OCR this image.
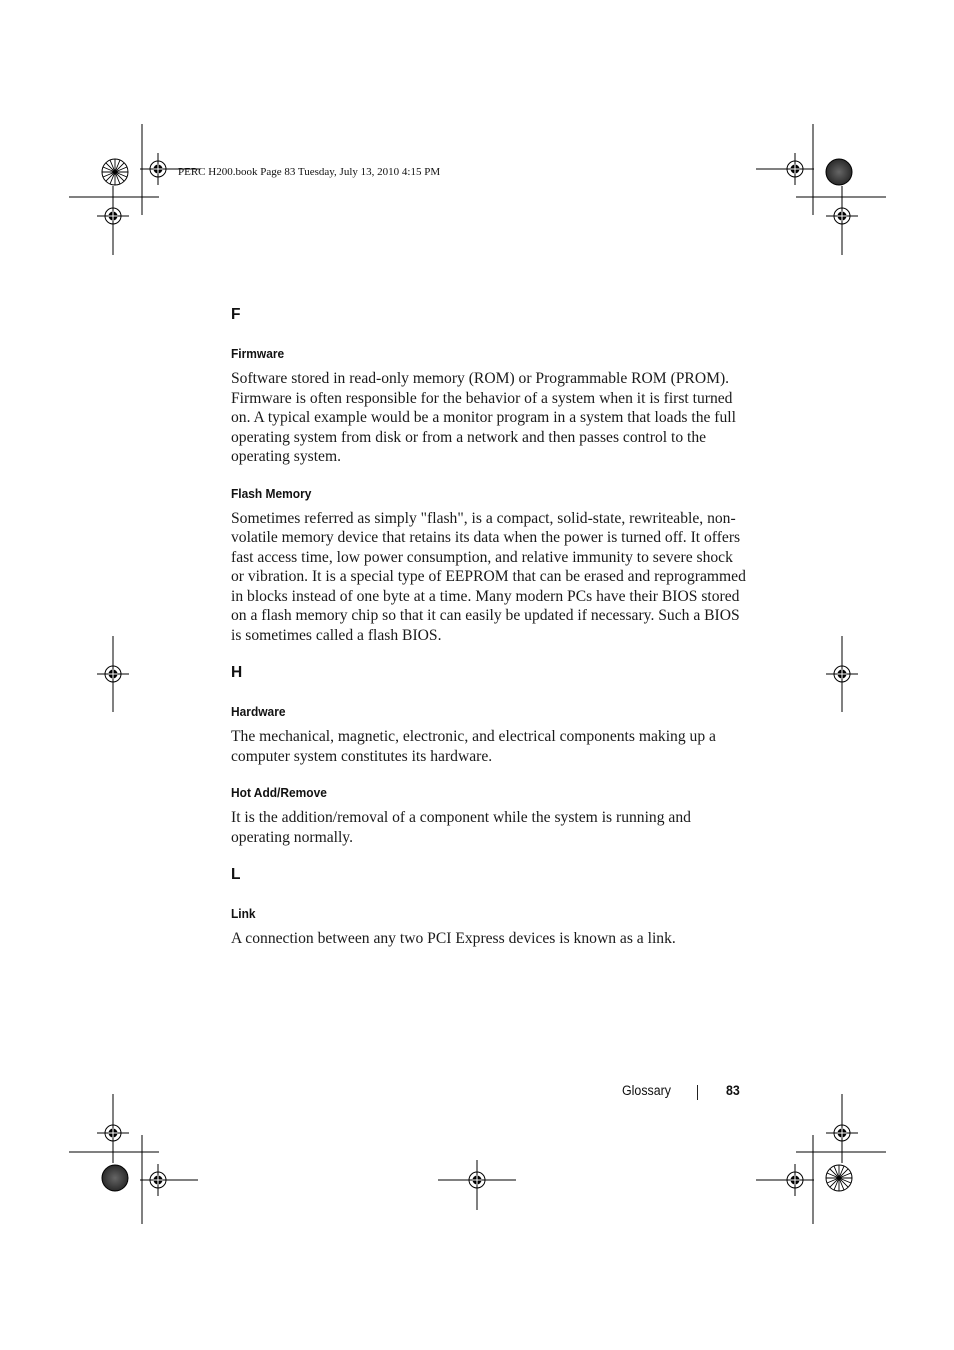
PERC H200.book Page 83 Tuesday, July 13, 2010 4:15 PM
F
Firmware

Software stored in read-only memory (ROM) or Programmable ROM (PROM). Firmware is often responsible for the behavior of a system when it is first turned on. A typical example would be a monitor program in a system that loads the full operating system from disk or from a network and then passes control to the operating system.

Flash Memory

Sometimes referred as simply "flash", is a compact, solid-state, rewriteable, non-volatile memory device that retains its data when the power is turned off. It offers fast access time, low power consumption, and relative immunity to severe shock or vibration. It is a special type of EEPROM that can be erased and reprogrammed in blocks instead of one byte at a time. Many modern PCs have their BIOS stored on a flash memory chip so that it can easily be updated if necessary. Such a BIOS is sometimes called a flash BIOS.

H
Hardware

The mechanical, magnetic, electronic, and electrical components making up a computer system constitutes its hardware.

Hot Add/Remove

It is the addition/removal of a component while the system is running and operating normally.

L
Link

A connection between any two PCI Express devices is known as a link.

Glossary	83
